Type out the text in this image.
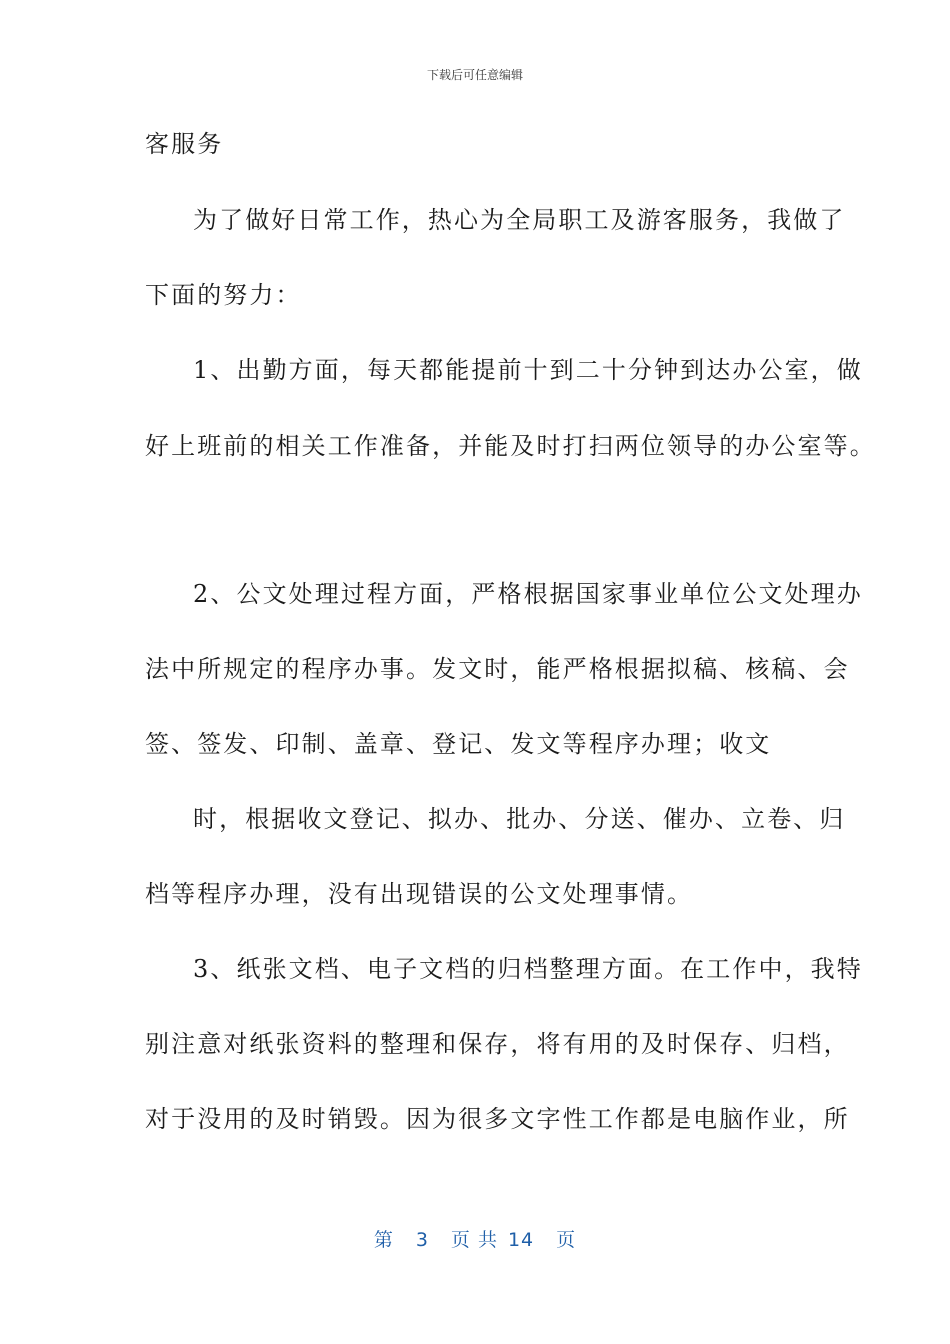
下载后可任意编辑
客服务
为了做好日常工作，热心为全局职工及游客服务，我做了
下面的努力：
1、出勤方面，每天都能提前十到二十分钟到达办公室，做
好上班前的相关工作准备，并能及时打扫两位领导的办公室等。
2、公文处理过程方面，严格根据国家事业单位公文处理办
法中所规定的程序办事。发文时，能严格根据拟稿、核稿、会
签、签发、印制、盖章、登记、发文等程序办理；收文
时，根据收文登记、拟办、批办、分送、催办、立卷、归
档等程序办理，没有出现错误的公文处理事情。
3、纸张文档、电子文档的归档整理方面。在工作中，我特
别注意对纸张资料的整理和保存，将有用的及时保存、归档，
对于没用的及时销毁。因为很多文字性工作都是电脑作业，所
第 3 页 共 14 页
